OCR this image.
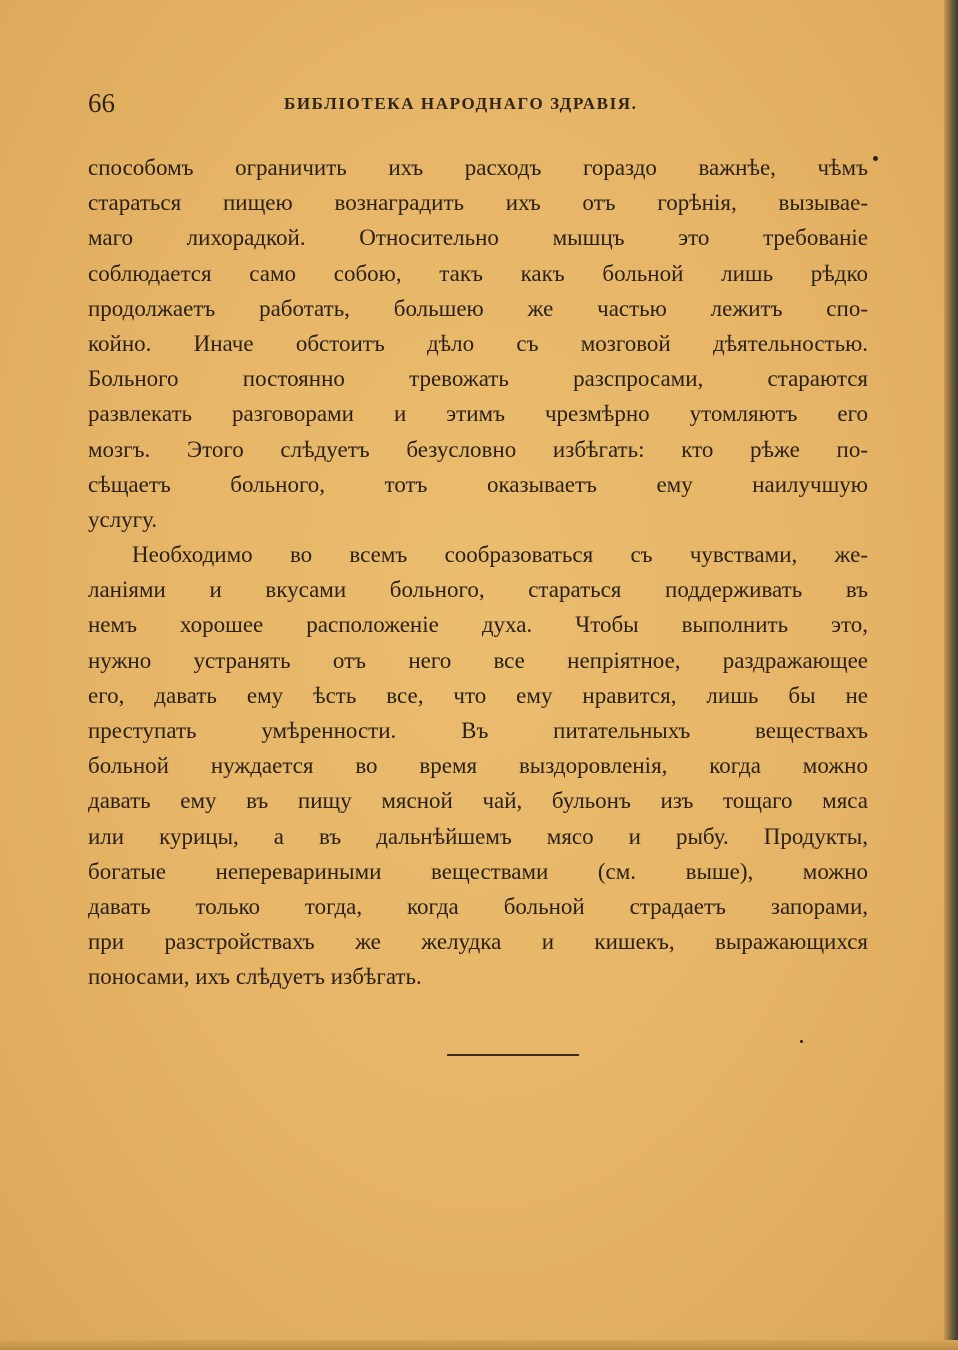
66	БИБЛІОТЕКА НАРОДНАГО ЗДРАВІЯ.
способомъ ограничить ихъ расходъ гораздо важнѣе, чѣмъ
стараться пищею вознаградить ихъ отъ горѣнія, вызывае-
маго лихорадкой. Относительно мышцъ это требованіе
соблюдается само собою, такъ какъ больной лишь рѣдко
продолжаетъ работать, большею же частью лежитъ спо-
койно. Иначе обстоитъ дѣло съ мозговой дѣятельностью.
Больного постоянно тревожать разспросами, стараются
развлекать разговорами и этимъ чрезмѣрно утомляютъ его
мозгъ. Этого слѣдуетъ безусловно избѣгать: кто рѣже по-
сѣщаетъ больного, тотъ оказываетъ ему наилучшую
услугу.
Необходимо во всемъ сообразоваться съ чувствами, же-
ланіями и вкусами больного, стараться поддерживать въ
немъ хорошее расположеніе духа. Чтобы выполнить это,
нужно устранять отъ него все непріятное, раздражающее
его, давать ему ѣсть все, что ему нравится, лишь бы не
преступать умѣренности. Въ питательныхъ веществахъ
больной нуждается во время выздоровленія, когда можно
давать ему въ пищу мясной чай, бульонъ изъ тощаго мяса
или курицы, а въ дальнѣйшемъ мясо и рыбу. Продукты,
богатые неперевариными веществами (см. выше), можно
давать только тогда, когда больной страдаетъ запорами,
при разстройствахъ же желудка и кишекъ, выражающихся
поносами, ихъ слѣдуетъ избѣгать.
